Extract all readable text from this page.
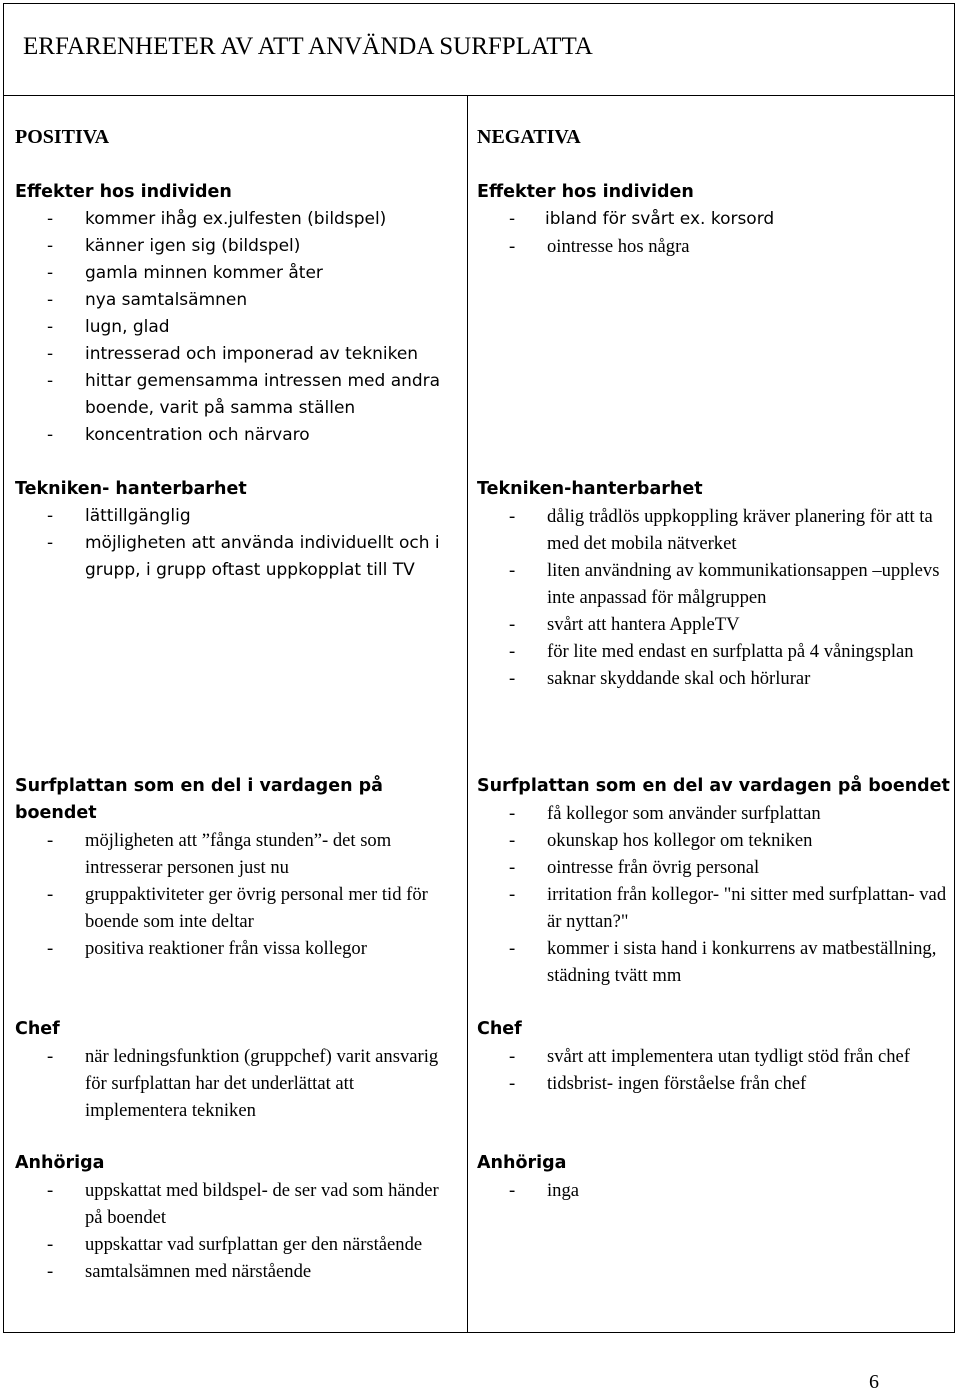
ERFARENHETER AV ATT ANVÄNDA SURFPLATTA
POSITIVA

Effekter hos individen

- kommer ihåg ex.julfesten (bildspel)
- känner igen sig (bildspel)
- gamla minnen kommer åter
- nya samtalsämnen
- lugn, glad
- intresserad och imponerad av tekniken
- hittar gemensamma intressen med andra boende, varit på samma ställen
- koncentration och närvaro

Tekniken- hanterbarhet

- lättillgänglig
- möjligheten att använda individuellt och i grupp, i grupp oftast uppkopplat till TV

Surfplattan som en del i vardagen på boendet

- möjligheten att ”fånga stunden”- det som intresserar personen just nu
- gruppaktiviteter ger övrig personal mer tid för boende som inte deltar
- positiva reaktioner från vissa kollegor

Chef

- när ledningsfunktion (gruppchef) varit ansvarig för surfplattan har det underlättat att implementera tekniken

Anhöriga

- uppskattat med bildspel- de ser vad som händer på boendet
- uppskattar vad surfplattan ger den närstående
- samtalsämnen med närstående
NEGATIVA

Effekter hos individen

- ibland för svårt ex. korsord
- ointresse hos några

Tekniken-hanterbarhet

- dålig trådlös uppkoppling kräver planering för att ta med det mobila nätverket
- liten användning av kommunikationsappen –upplevs inte anpassad för målgruppen
- svårt att hantera AppleTV
- för lite med endast en surfplatta på 4 våningsplan
- saknar skyddande skal och hörlurar

Surfplattan som en del av vardagen på boendet

- få kollegor som använder surfplattan
- okunskap hos kollegor om tekniken
- ointresse från övrig personal
- irritation från kollegor- "ni sitter med surfplattan- vad är nyttan?"
- kommer i sista hand i konkurrens av matbeställning, städning tvätt mm

Chef

- svårt att implementera utan tydligt stöd från chef
- tidsbrist- ingen förståelse från chef

Anhöriga

- inga
6
